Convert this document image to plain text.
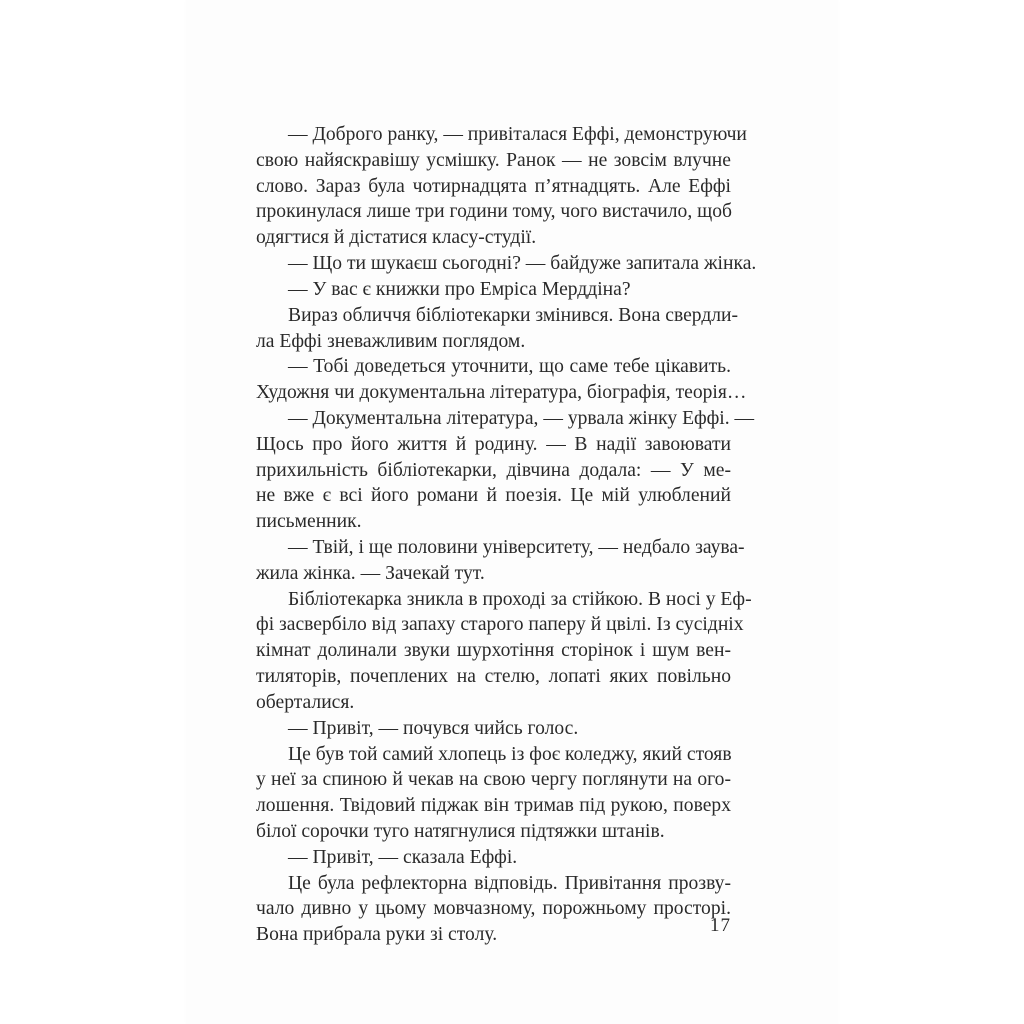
— Доброго ранку, — привіталася Еффі, демонструючи
свою найяскравішу усмішку. Ранок — не зовсім влучне
слово. Зараз була чотирнадцята п’ятнадцять. Але Еффі
прокинулася лише три години тому, чого вистачило, щоб
одягтися й дістатися класу-студії.
— Що ти шукаєш сьогодні? — байдуже запитала жінка.
— У вас є книжки про Емріса Мерддіна?
Вираз обличчя бібліотекарки змінився. Вона свердли-
ла Еффі зневажливим поглядом.
— Тобі доведеться уточнити, що саме тебе цікавить.
Художня чи документальна література, біографія, теорія…
— Документальна література, — урвала жінку Еффі. —
Щось про його життя й родину. — В надії завоювати
прихильність бібліотекарки, дівчина додала: — У ме-
не вже є всі його романи й поезія. Це мій улюблений
письменник.
— Твій, і ще половини університету, — недбало заува-
жила жінка. — Зачекай тут.
Бібліотекарка зникла в проході за стійкою. В носі у Еф-
фі засвербіло від запаху старого паперу й цвілі. Із сусідніх
кімнат долинали звуки шурхотіння сторінок і шум вен-
тиляторів, почеплених на стелю, лопаті яких повільно
оберталися.
— Привіт, — почувся чийсь голос.
Це був той самий хлопець із фоє коледжу, який стояв
у неї за спиною й чекав на свою чергу поглянути на ого-
лошення. Твідовий піджак він тримав під рукою, поверх
білої сорочки туго натягнулися підтяжки штанів.
— Привіт, — сказала Еффі.
Це була рефлекторна відповідь. Привітання прозву-
чало дивно у цьому мовчазному, порожньому просторі.
Вона прибрала руки зі столу.	17
